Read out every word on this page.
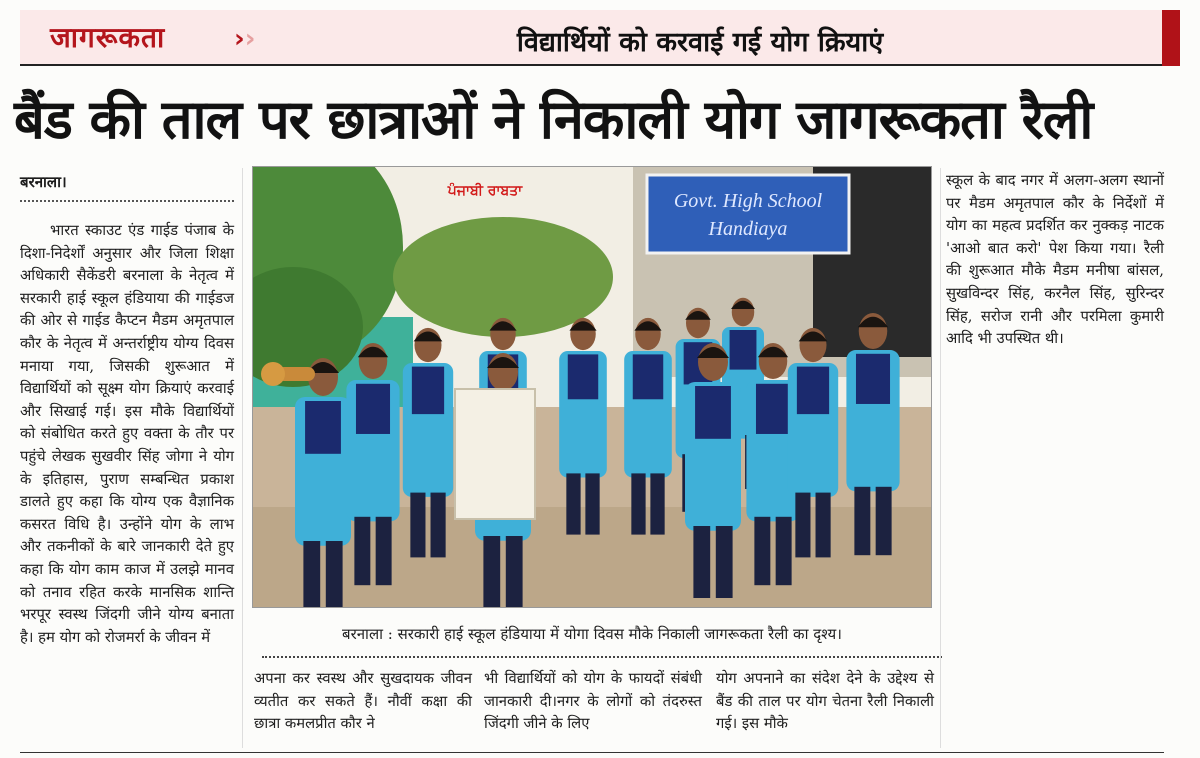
जागरूकता	››	विद्यार्थियों को करवाई गई योग क्रियाएं
बैंड की ताल पर छात्राओं ने निकाली योग जागरूकता रैली
बरनाला।

भारत स्काउट एंड गाईड पंजाब के दिशा-निदेर्शों अनुसार और जिला शिक्षा अधिकारी सैकेंडरी बरनाला के नेतृत्व में सरकारी हाई स्कूल हंडियाया की गाईडज की ओर से गाईड कैप्टन मैडम अमृतपाल कौर के नेतृत्व में अन्तर्राष्ट्रीय योग्य दिवस मनाया गया, जिसकी शुरूआत में विद्यार्थियों को सूक्ष्म योग क्रियाएं करवाई और सिखाई गई। इस मौके विद्यार्थियों को संबोधित करते हुए वक्ता के तौर पर पहुंचे लेखक सुखवीर सिंह जोगा ने योग के इतिहास, पुराण सम्बन्धित प्रकाश डालते हुए कहा कि योग्य एक वैज्ञानिक कसरत विधि है। उन्होंने योग के लाभ और तकनीकों के बारे जानकारी देते हुए कहा कि योग काम काज में उलझे मानव को तनाव रहित करके मानसिक शान्ति भरपूर स्वस्थ जिंदगी जीने योग्य बनाता है। हम योग को रोजमर्रा के जीवन में

Govt. High School
Handiaya
ਪੰਜਾਬੀ ਰਾਬਤਾ
बरनाला : सरकारी हाई स्कूल हंडियाया में योगा दिवस मौके निकाली जागरूकता रैली का दृश्य।

अपना कर स्वस्थ और सुखदायक जीवन व्यतीत कर सकते हैं। नौवीं कक्षा की छात्रा कमलप्रीत कौर ने

भी विद्यार्थियों को योग के फायदों संबंधी जानकारी दी।नगर के लोगों को तंदरुस्त जिंदगी जीने के लिए

योग अपनाने का संदेश देने के उद्देश्य से बैंड की ताल पर योग चेतना रैली निकाली गई। इस मौके

स्कूल के बाद नगर में अलग-अलग स्थानों पर मैडम अमृतपाल कौर के निर्देशों में योग का महत्व प्रदर्शित कर नुक्कड़ नाटक 'आओ बात करो' पेश किया गया। रैली की शुरूआत मौके मैडम मनीषा बांसल, सुखविन्दर सिंह, करनैल सिंह, सुरिन्दर सिंह, सरोज रानी और परमिला कुमारी आदि भी उपस्थित थी।
